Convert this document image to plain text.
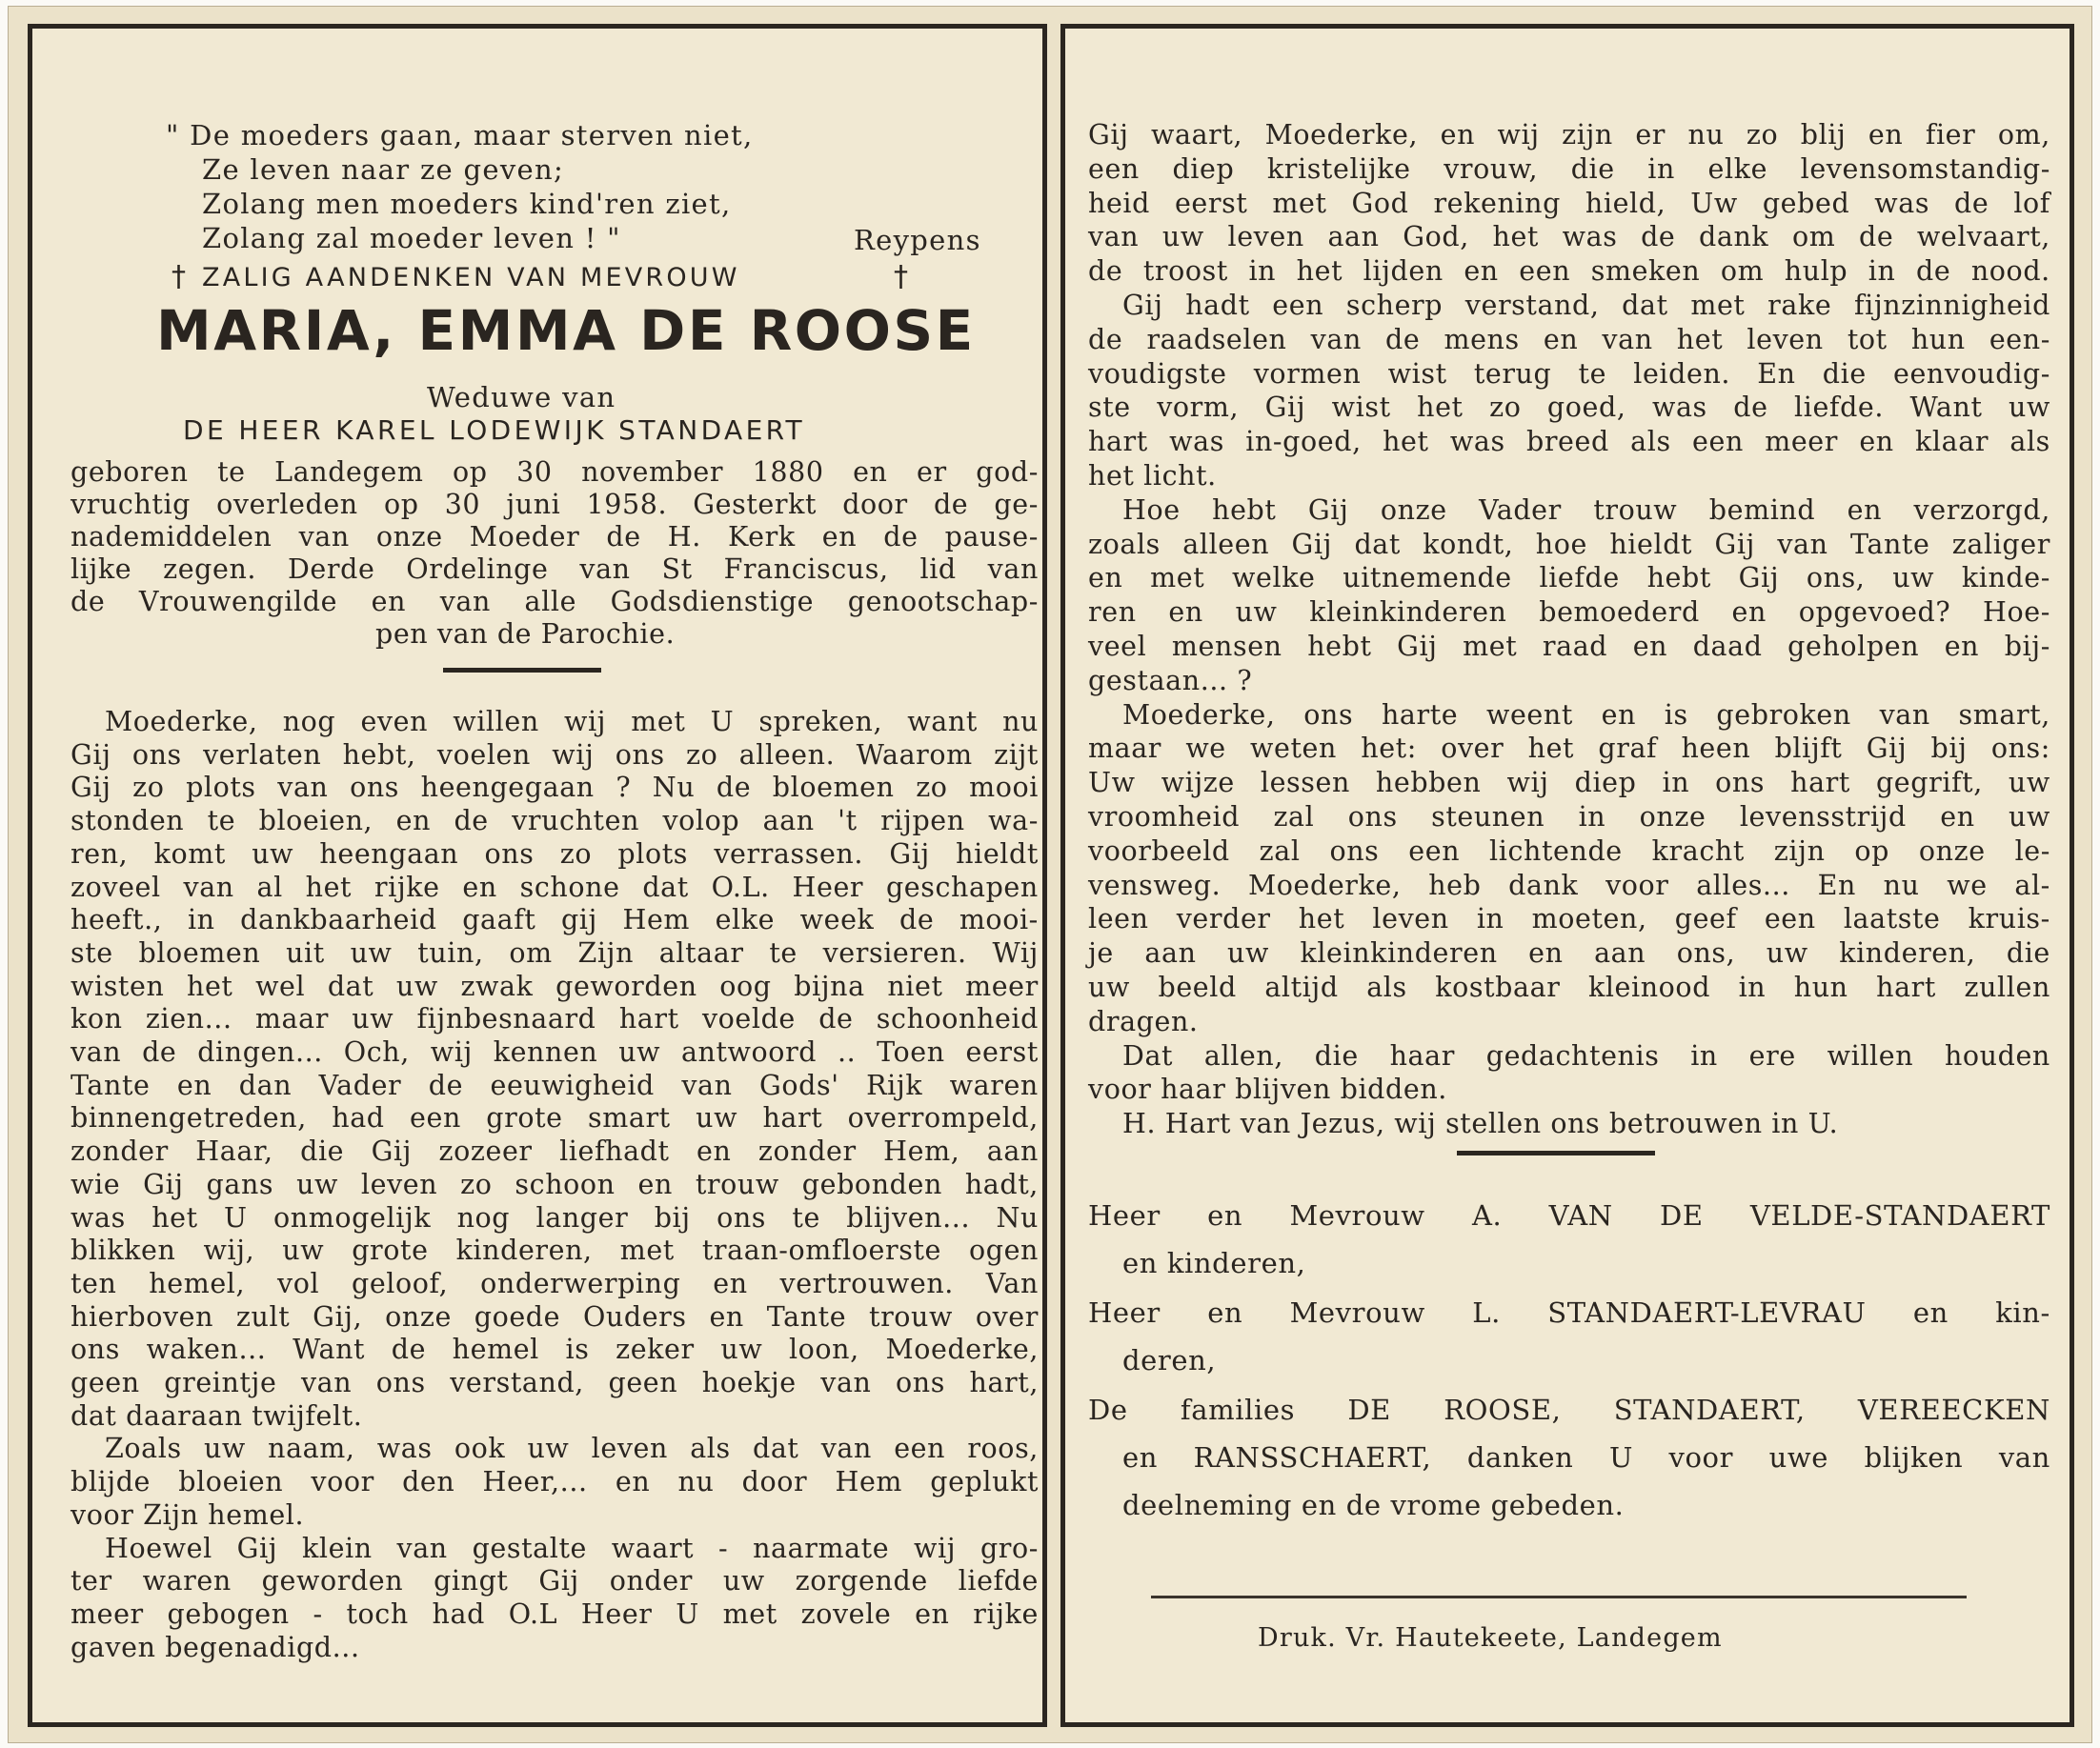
" De moeders gaan, maar sterven niet,
Ze leven naar ze geven;
Zolang men moeders kind'ren ziet,
Zolang zal moeder leven ! "	Reypens
† ZALIG AANDENKEN VAN MEVROUW	†
MARIA, EMMA DE ROOSE
Weduwe van
DE HEER KAREL LODEWIJK STANDAERT
geboren te Landegem op 30 november 1880 en er god-
vruchtig overleden op 30 juni 1958. Gesterkt door de ge-
nademiddelen van onze Moeder de H. Kerk en de pause-
lijke zegen. Derde Ordelinge van St Franciscus, lid van
de Vrouwengilde en van alle Godsdienstige genootschap-
pen van de Parochie.
Moederke, nog even willen wij met U spreken, want nu
Gij ons verlaten hebt, voelen wij ons zo alleen. Waarom zijt
Gij zo plots van ons heengegaan ? Nu de bloemen zo mooi
stonden te bloeien, en de vruchten volop aan 't rijpen wa-
ren, komt uw heengaan ons zo plots verrassen. Gij hieldt
zoveel van al het rijke en schone dat O.L. Heer geschapen
heeft., in dankbaarheid gaaft gij Hem elke week de mooi-
ste bloemen uit uw tuin, om Zijn altaar te versieren. Wij
wisten het wel dat uw zwak geworden oog bijna niet meer
kon zien... maar uw fijnbesnaard hart voelde de schoonheid
van de dingen... Och, wij kennen uw antwoord .. Toen eerst
Tante en dan Vader de eeuwigheid van Gods' Rijk waren
binnengetreden, had een grote smart uw hart overrompeld,
zonder Haar, die Gij zozeer liefhadt en zonder Hem, aan
wie Gij gans uw leven zo schoon en trouw gebonden hadt,
was het U onmogelijk nog langer bij ons te blijven... Nu
blikken wij, uw grote kinderen, met traan-omfloerste ogen
ten hemel, vol geloof, onderwerping en vertrouwen. Van
hierboven zult Gij, onze goede Ouders en Tante trouw over
ons waken... Want de hemel is zeker uw loon, Moederke,
geen greintje van ons verstand, geen hoekje van ons hart,
dat daaraan twijfelt.
Zoals uw naam, was ook uw leven als dat van een roos,
blijde bloeien voor den Heer,... en nu door Hem geplukt
voor Zijn hemel.
Hoewel Gij klein van gestalte waart - naarmate wij gro-
ter waren geworden gingt Gij onder uw zorgende liefde
meer gebogen - toch had O.L Heer U met zovele en rijke
gaven begenadigd...
Gij waart, Moederke, en wij zijn er nu zo blij en fier om,
een diep kristelijke vrouw, die in elke levensomstandig-
heid eerst met God rekening hield, Uw gebed was de lof
van uw leven aan God, het was de dank om de welvaart,
de troost in het lijden en een smeken om hulp in de nood.
Gij hadt een scherp verstand, dat met rake fijnzinnigheid
de raadselen van de mens en van het leven tot hun een-
voudigste vormen wist terug te leiden. En die eenvoudig-
ste vorm, Gij wist het zo goed, was de liefde. Want uw
hart was in-goed, het was breed als een meer en klaar als
het licht.
Hoe hebt Gij onze Vader trouw bemind en verzorgd,
zoals alleen Gij dat kondt, hoe hieldt Gij van Tante zaliger
en met welke uitnemende liefde hebt Gij ons, uw kinde-
ren en uw kleinkinderen bemoederd en opgevoed? Hoe-
veel mensen hebt Gij met raad en daad geholpen en bij-
gestaan... ?
Moederke, ons harte weent en is gebroken van smart,
maar we weten het: over het graf heen blijft Gij bij ons:
Uw wijze lessen hebben wij diep in ons hart gegrift, uw
vroomheid zal ons steunen in onze levensstrijd en uw
voorbeeld zal ons een lichtende kracht zijn op onze le-
vensweg. Moederke, heb dank voor alles... En nu we al-
leen verder het leven in moeten, geef een laatste kruis-
je aan uw kleinkinderen en aan ons, uw kinderen, die
uw beeld altijd als kostbaar kleinood in hun hart zullen
dragen.
Dat allen, die haar gedachtenis in ere willen houden
voor haar blijven bidden.
H. Hart van Jezus, wij stellen ons betrouwen in U.
Heer en Mevrouw A. VAN DE VELDE-STANDAERT
en kinderen,
Heer en Mevrouw L. STANDAERT-LEVRAU en kin-
deren,
De families DE ROOSE, STANDAERT, VEREECKEN
en RANSSCHAERT, danken U voor uwe blijken van
deelneming en de vrome gebeden.
Druk. Vr. Hautekeete, Landegem
